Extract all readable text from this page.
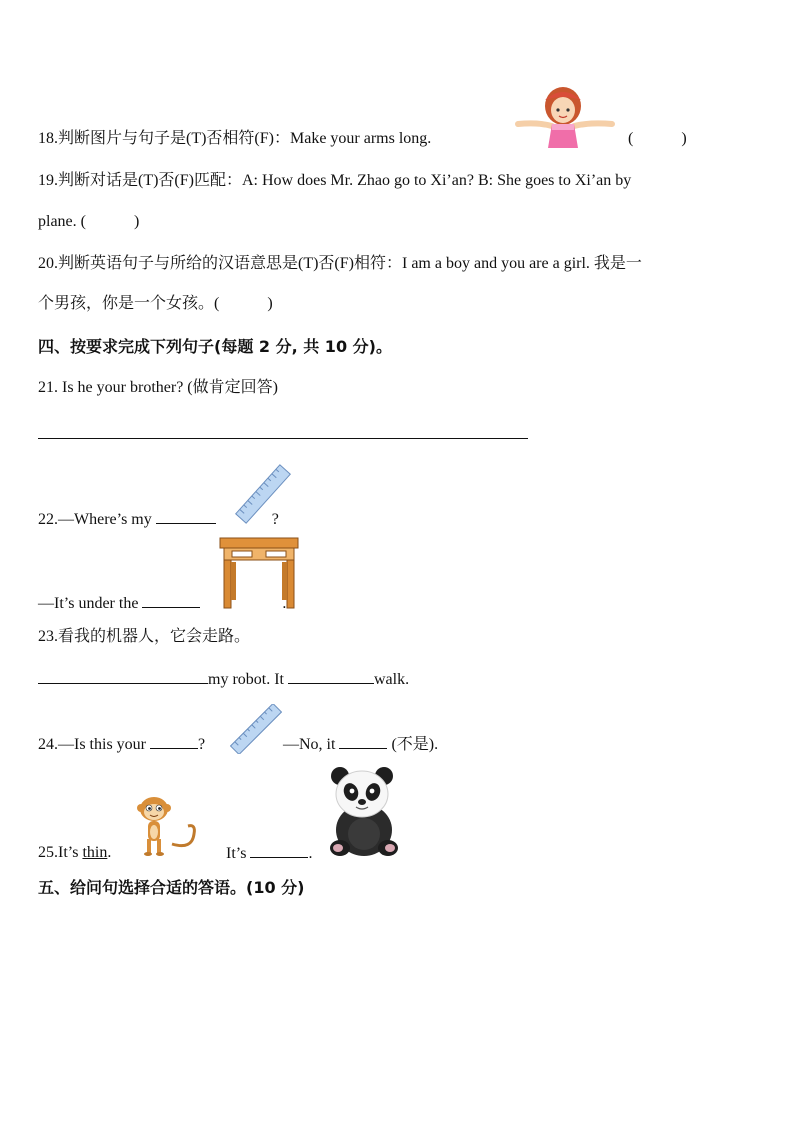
18.判断图片与句子是(T)否相符(F)：Make your arms long.	(　　　)
19.判断对话是(T)否(F)匹配：A: How does Mr. Zhao go to Xi’an? B: She goes to Xi’an by
plane. (　　　)
20.判断英语句子与所给的汉语意思是(T)否(F)相符：I am a boy and you are a girl. 我是一
个男孩，你是一个女孩。(　　　)
四、按要求完成下列句子(每题 2 分, 共 10 分)。
21. Is he your brother? (做肯定回答)
22.—Where’s my	?
—It’s under the	.
23.看我的机器人，它会走路。
my robot. It	walk.
24.—Is this your	?	—No, it	(不是).
25.It’s thin.	It’s	.
五、给问句选择合适的答语。(10 分)
